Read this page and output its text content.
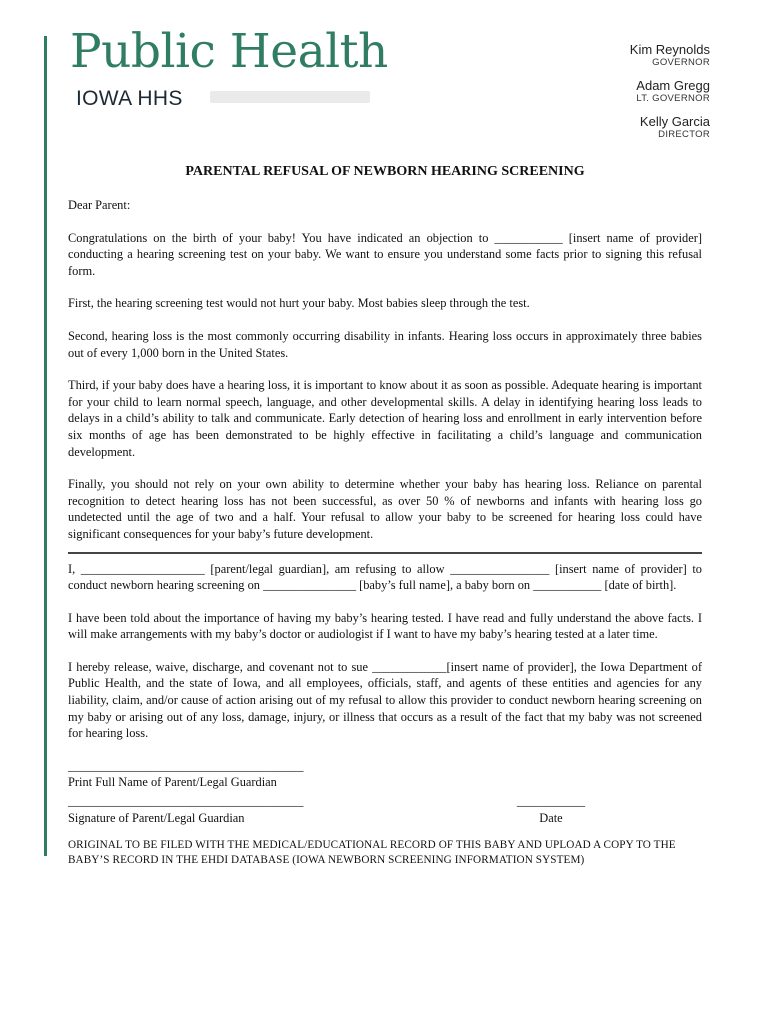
Public Health
IOWA HHS
Kim Reynolds
GOVERNOR
Adam Gregg
LT. GOVERNOR
Kelly Garcia
DIRECTOR
PARENTAL REFUSAL OF NEWBORN HEARING SCREENING

Dear Parent:

Congratulations on the birth of your baby! You have indicated an objection to ___________ [insert name of provider] conducting a hearing screening test on your baby. We want to ensure you understand some facts prior to signing this refusal form.

First, the hearing screening test would not hurt your baby. Most babies sleep through the test.

Second, hearing loss is the most commonly occurring disability in infants. Hearing loss occurs in approximately three babies out of every 1,000 born in the United States.

Third, if your baby does have a hearing loss, it is important to know about it as soon as possible. Adequate hearing is important for your child to learn normal speech, language, and other developmental skills. A delay in identifying hearing loss leads to delays in a child’s ability to talk and communicate. Early detection of hearing loss and enrollment in early intervention before six months of age has been demonstrated to be highly effective in facilitating a child’s language and communication development.

Finally, you should not rely on your own ability to determine whether your baby has hearing loss. Reliance on parental recognition to detect hearing loss has not been successful, as over 50 % of newborns and infants with hearing loss go undetected until the age of two and a half. Your refusal to allow your baby to be screened for hearing loss could have significant consequences for your baby’s future development.

I, ____________________ [parent/legal guardian], am refusing to allow ________________ [insert name of provider] to conduct newborn hearing screening on _______________ [baby’s full name], a baby born on ___________ [date of birth].

I have been told about the importance of having my baby’s hearing tested. I have read and fully understand the above facts. I will make arrangements with my baby’s doctor or audiologist if I want to have my baby’s hearing tested at a later time.

I hereby release, waive, discharge, and covenant not to sue ____________[insert name of provider], the Iowa Department of Public Health, and the state of Iowa, and all employees, officials, staff, and agents of these entities and agencies for any liability, claim, and/or cause of action arising out of my refusal to allow this provider to conduct newborn hearing screening on my baby or arising out of any loss, damage, injury, or illness that occurs as a result of the fact that my baby was not screened for hearing loss.

______________________________________
Print Full Name of Parent/Legal Guardian
______________________________________
Signature of Parent/Legal Guardian
___________
Date
ORIGINAL TO BE FILED WITH THE MEDICAL/EDUCATIONAL RECORD OF THIS BABY AND UPLOAD A COPY TO THE BABY’S RECORD IN THE EHDI DATABASE (IOWA NEWBORN SCREENING INFORMATION SYSTEM)
